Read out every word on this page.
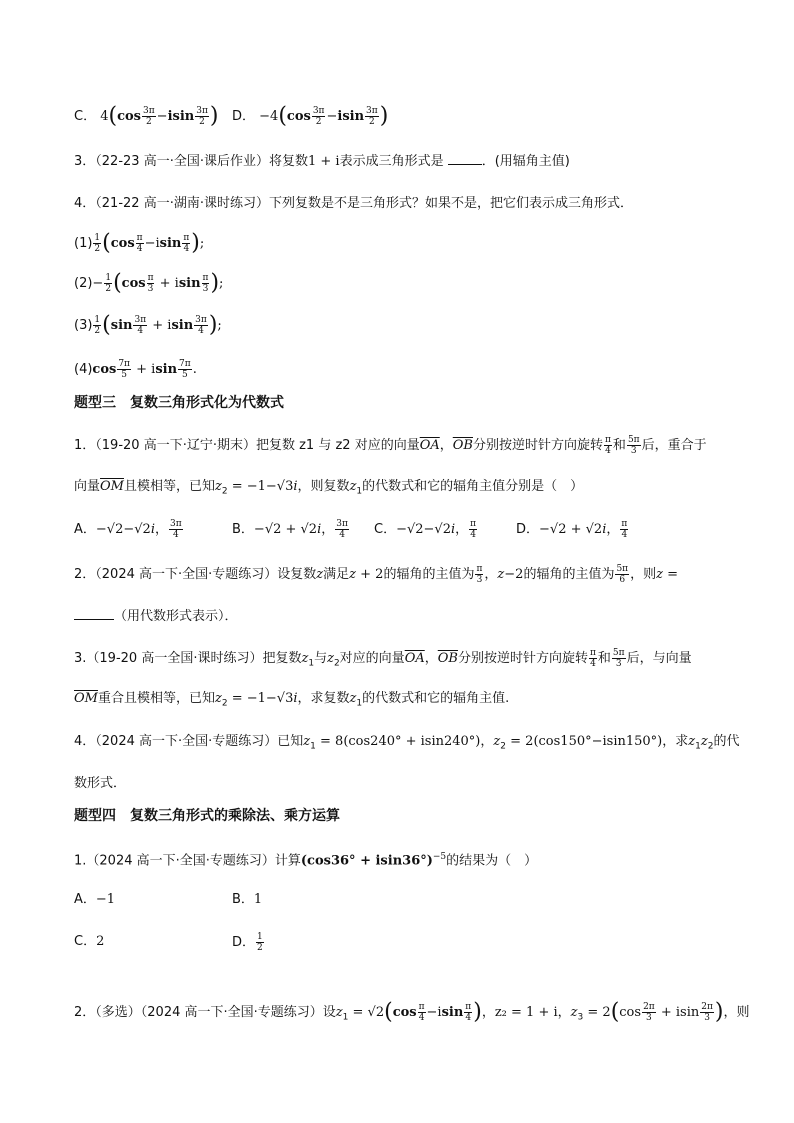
C． $4(\cos \frac{3\pi}{2} -isin \frac{3\pi}{2}$ ) D． $-4(\cos \frac{3\pi}{2} -isin \frac{3\pi}{2}$ )
3．（22-23 高一·全国·课后作业）将复数1 + i表示成三角形式是	．(用辐角主值)
4．（21-22 高一·湖南·课时练习）下列复数是不是三角形式？如果不是，把它们表示成三角形式．
$(1) \frac{1}{2} (\cos \frac{\pi}{4} -isin \frac{\pi}{4}$ );
$(2)- \frac{1}{2} (\cos \frac{\pi}{3} + isin \frac{\pi}{3}$ );
$(3) \frac{1}{2} (\sin \frac{3\pi}{4} + isin \frac{3\pi}{4}$ );
$(4)\cos \frac{7\pi}{5} + isin \frac{7\pi}{5}$ .
题型三　复数三角形式化为代数式
1．（19-20 高一下·辽宁·期末）把复数 z1 与 z2 对应的向量$\overline{OA}$，$\overline{OB}$分别按逆时针方向旋转 $\frac{\pi}{4}$ 和 $\frac{5\pi}{3}$ 后，重合于
向量$\overline{OM}$且模相等，已知$z_2 = -1-√3i$，则复数$z_1$的代数式和它的辐角主值分别是（　）
A．−√2−√2i， $\frac{3\pi}{4}$	B．−√2 + √2i， $\frac{3\pi}{4}$ C．−√2−√2i， $\frac{\pi}{4}$	D．−√2 + √2i， $\frac{\pi}{4}$
2．（2024 高一下·全国·专题练习）设复数z满足z + 2的辐角的主值为 $\frac{\pi}{3}$ ，z−2的辐角的主值为 $\frac{5\pi}{6}$ ，则z =
（用代数形式表示）．
3.（19-20 高一全国·课时练习）把复数$z_1$与$z_2$对应的向量$\overline{OA}$，$\overline{OB}$分别按逆时针方向旋转 $\frac{\pi}{4}$ 和 $\frac{5\pi}{3}$ 后，与向量
$\overline{OM}$重合且模相等，已知$z_2 = -1-√3i$，求复数$z_1$的代数式和它的辐角主值.
4．（2024 高一下·全国·专题练习）已知$z_1 = 8(\cos 240^\circ + isin240^\circ)$，$z_2 = 2(\cos 150^\circ-isin150^\circ)$，求$z_1z_2$的代
数形式．
题型四　复数三角形式的乘除法、乘方运算
1.（2024 高一下·全国·专题练习）计算$(\cos 36^\circ + isin36^\circ)^{-5}$的结果为（　）
A．−1	B．1
C．2	D． $\frac{1}{2}$
2．（多选）（2024 高一下·全国·专题练习）设$z_1 = √2(\cos \frac{\pi}{4} -isin \frac{\pi}{4}$ )，z₂ = 1 + i，$z_3 = 2(\cos \frac{2\pi}{3} + isin \frac{2\pi}{3}$ )，则
